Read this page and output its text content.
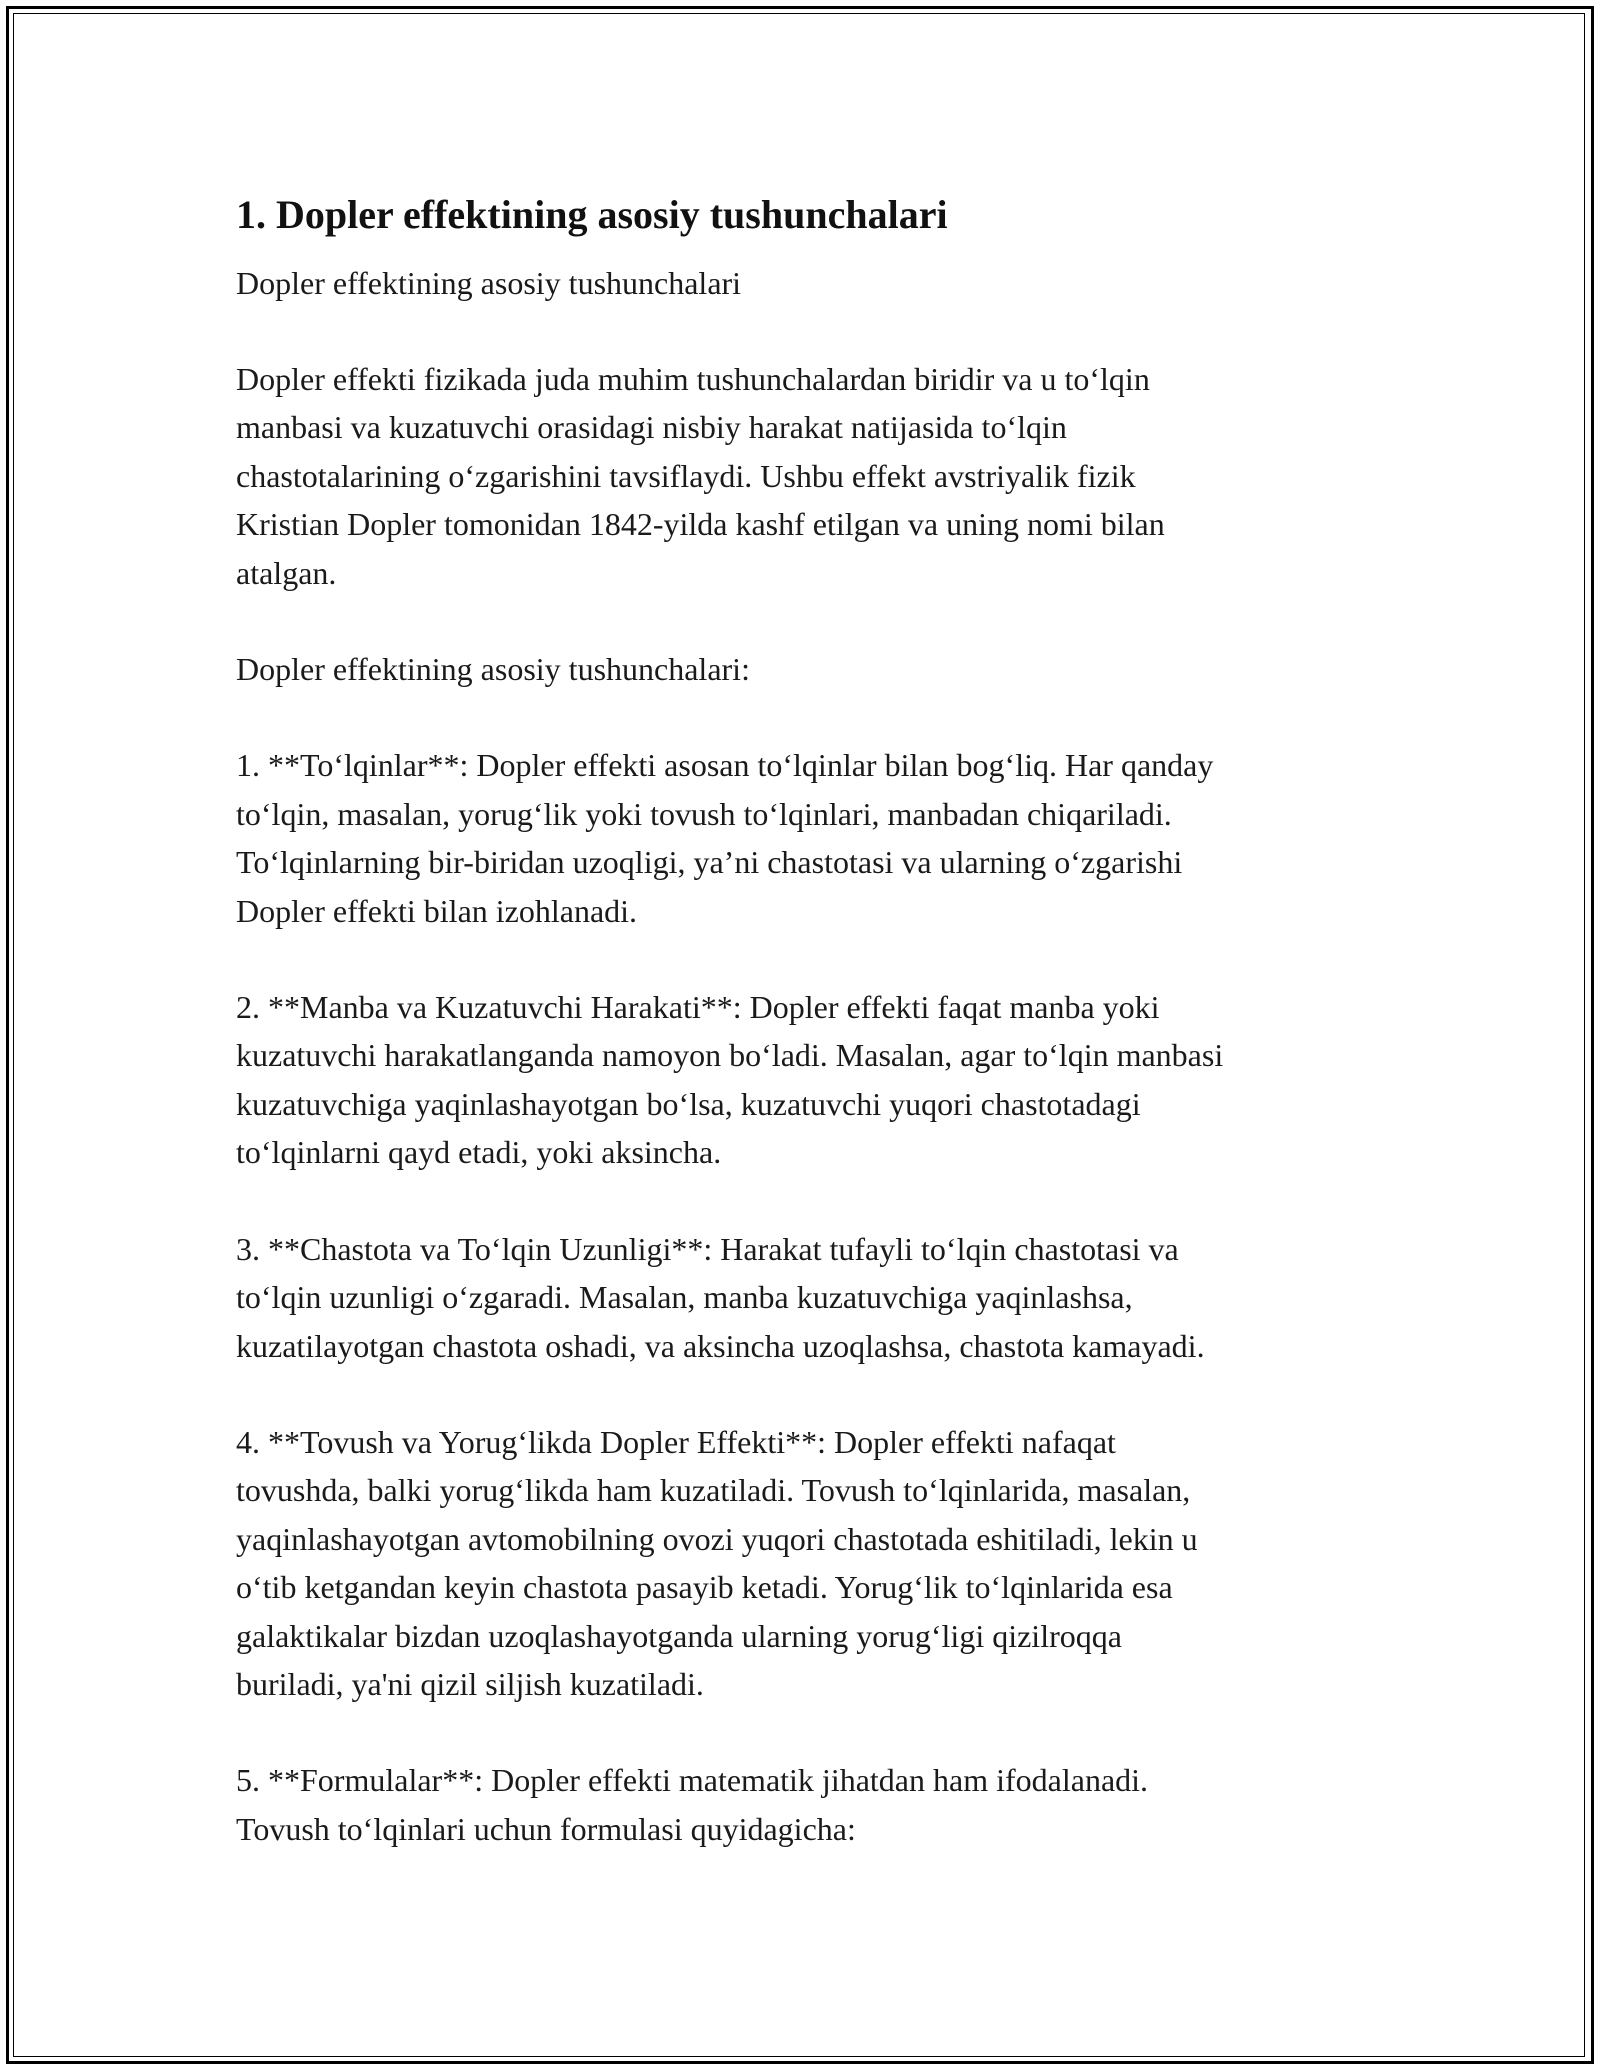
1. Dopler effektining asosiy tushunchalari

Dopler effektining asosiy tushunchalari

Dopler effekti fizikada juda muhim tushunchalardan biridir va u to‘lqin
manbasi va kuzatuvchi orasidagi nisbiy harakat natijasida to‘lqin
chastotalarining o‘zgarishini tavsiflaydi. Ushbu effekt avstriyalik fizik
Kristian Dopler tomonidan 1842-yilda kashf etilgan va uning nomi bilan
atalgan.

Dopler effektining asosiy tushunchalari:

1. **To‘lqinlar**: Dopler effekti asosan to‘lqinlar bilan bog‘liq. Har qanday
to‘lqin, masalan, yorug‘lik yoki tovush to‘lqinlari, manbadan chiqariladi.
To‘lqinlarning bir-biridan uzoqligi, ya’ni chastotasi va ularning o‘zgarishi
Dopler effekti bilan izohlanadi.

2. **Manba va Kuzatuvchi Harakati**: Dopler effekti faqat manba yoki
kuzatuvchi harakatlanganda namoyon bo‘ladi. Masalan, agar to‘lqin manbasi
kuzatuvchiga yaqinlashayotgan bo‘lsa, kuzatuvchi yuqori chastotadagi
to‘lqinlarni qayd etadi, yoki aksincha.

3. **Chastota va To‘lqin Uzunligi**: Harakat tufayli to‘lqin chastotasi va
to‘lqin uzunligi o‘zgaradi. Masalan, manba kuzatuvchiga yaqinlashsa,
kuzatilayotgan chastota oshadi, va aksincha uzoqlashsa, chastota kamayadi.

4. **Tovush va Yorug‘likda Dopler Effekti**: Dopler effekti nafaqat
tovushda, balki yorug‘likda ham kuzatiladi. Tovush to‘lqinlarida, masalan,
yaqinlashayotgan avtomobilning ovozi yuqori chastotada eshitiladi, lekin u
o‘tib ketgandan keyin chastota pasayib ketadi. Yorug‘lik to‘lqinlarida esa
galaktikalar bizdan uzoqlashayotganda ularning yorug‘ligi qizilroqqa
buriladi, ya'ni qizil siljish kuzatiladi.

5. **Formulalar**: Dopler effekti matematik jihatdan ham ifodalanadi.
Tovush to‘lqinlari uchun formulasi quyidagicha:
